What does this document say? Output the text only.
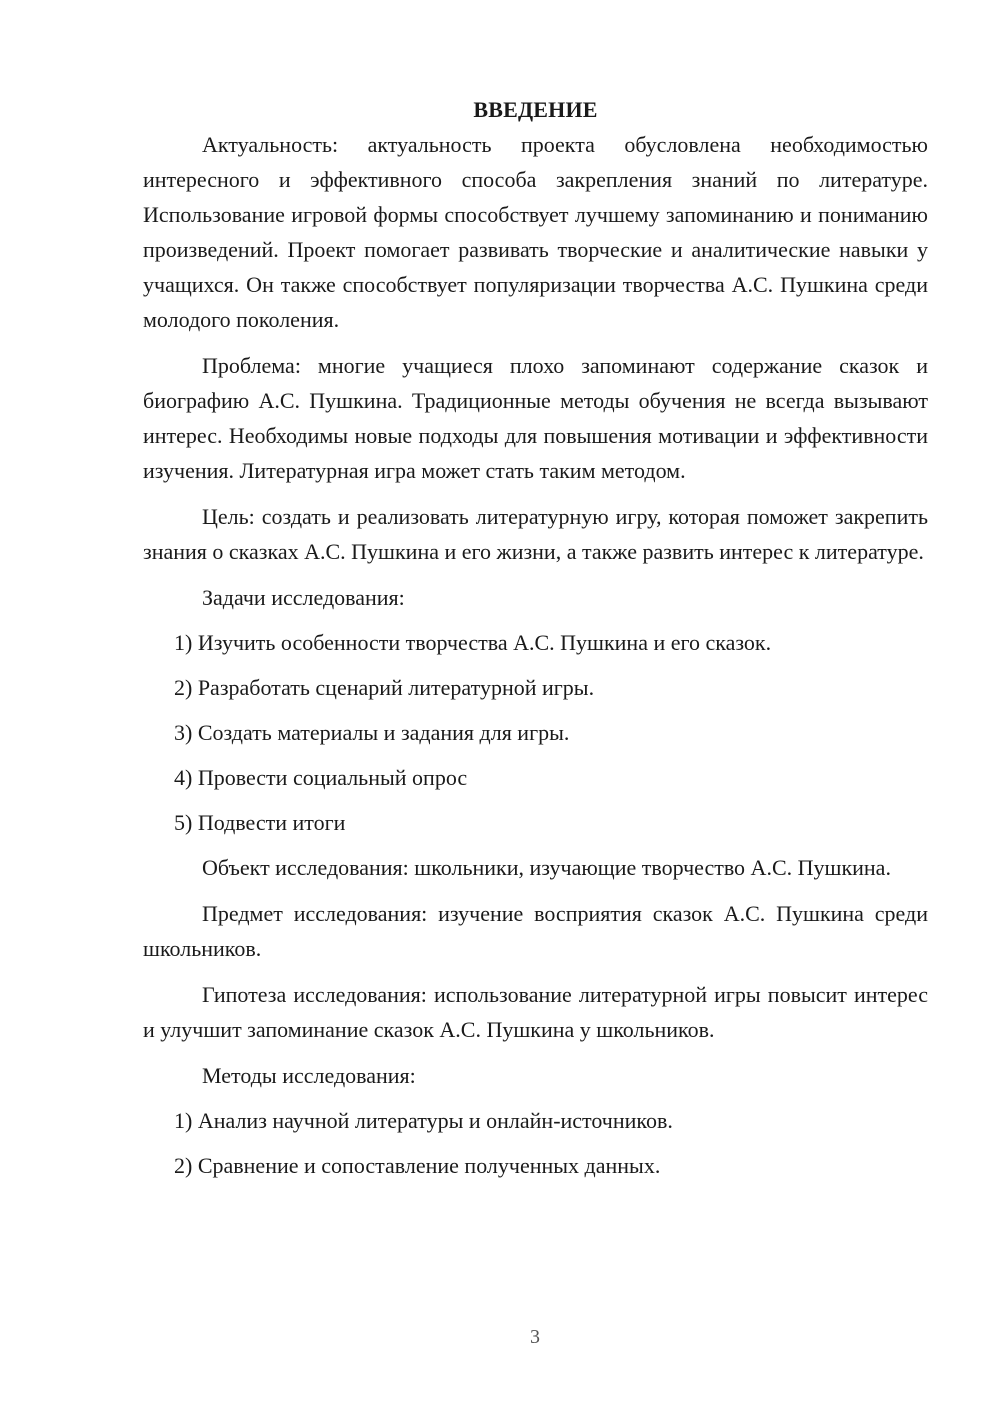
ВВЕДЕНИЕ

Актуальность: актуальность проекта обусловлена необходимостью интересного и эффективного способа закрепления знаний по литературе. Использование игровой формы способствует лучшему запоминанию и пониманию произведений. Проект помогает развивать творческие и аналитические навыки у учащихся. Он также способствует популяризации творчества А.С. Пушкина среди молодого поколения.

Проблема: многие учащиеся плохо запоминают содержание сказок и биографию А.С. Пушкина. Традиционные методы обучения не всегда вызывают интерес. Необходимы новые подходы для повышения мотивации и эффективности изучения. Литературная игра может стать таким методом.

Цель: создать и реализовать литературную игру, которая поможет закрепить знания о сказках А.С. Пушкина и его жизни, а также развить интерес к литературе.

Задачи исследования:
1) Изучить особенности творчества А.С. Пушкина и его сказок.
2) Разработать сценарий литературной игры.
3) Создать материалы и задания для игры.
4) Провести социальный опрос
5) Подвести итоги

Объект исследования: школьники, изучающие творчество А.С. Пушкина.

Предмет исследования: изучение восприятия сказок А.С. Пушкина среди школьников.

Гипотеза исследования: использование литературной игры повысит интерес и улучшит запоминание сказок А.С. Пушкина у школьников.

Методы исследования:
1) Анализ научной литературы и онлайн-источников.
2) Сравнение и сопоставление полученных данных.
3
